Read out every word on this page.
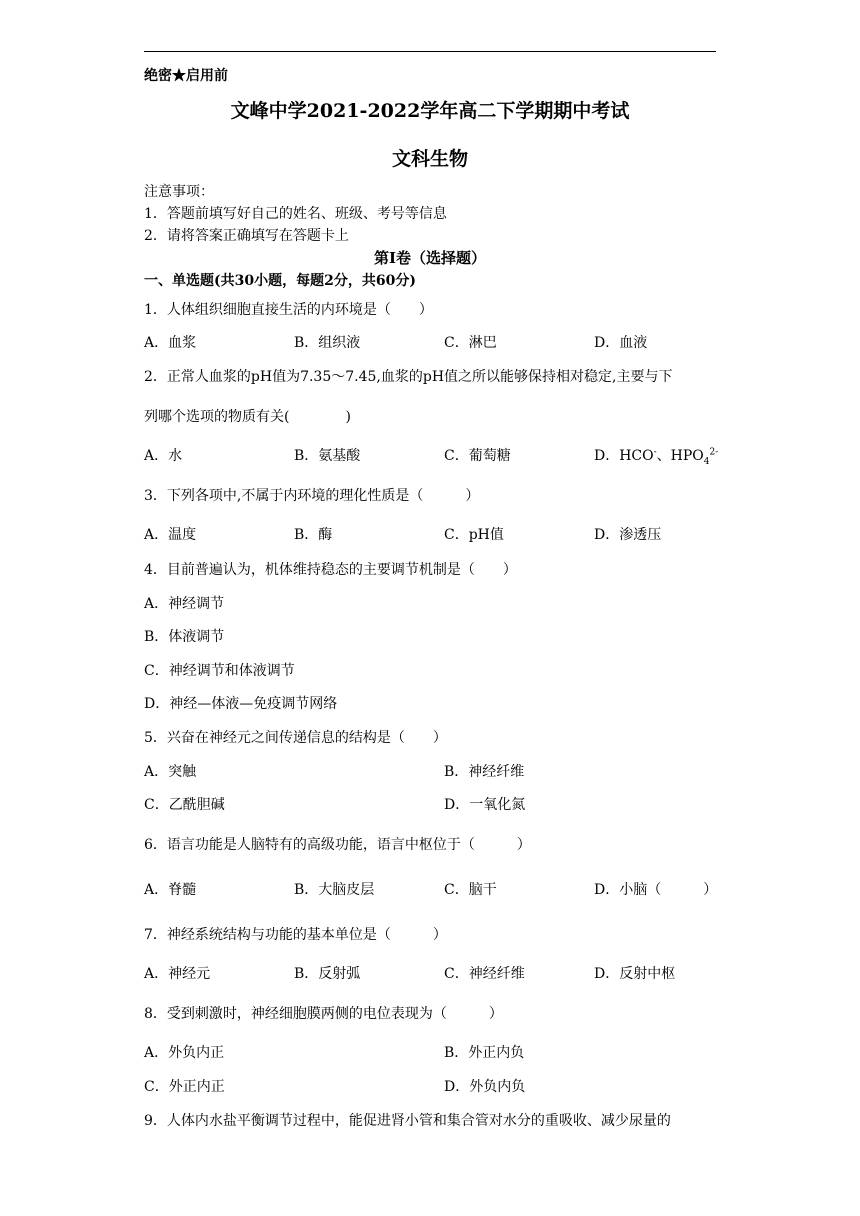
绝密★启用前
文峰中学2021-2022学年高二下学期期中考试
文科生物
注意事项：
1．答题前填写好自己的姓名、班级、考号等信息
2．请将答案正确填写在答题卡上
第I卷（选择题）
一、单选题(共30小题，每题2分，共60分)
1．人体组织细胞直接生活的内环境是（　　）
A．血浆	B．组织液	C．淋巴	D．血液
2．正常人血浆的pH值为7.35～7.45,血浆的pH值之所以能够保持相对稳定,主要与下
列哪个选项的物质有关(　　　　)
A．水	B．氨基酸	C．葡萄糖	D．HCO-、$HPO_4^{2-}$
3．下列各项中,不属于内环境的理化性质是（　　　）
A．温度	B．酶	C．pH值	D．渗透压
4．目前普遍认为，机体维持稳态的主要调节机制是（　　）
A．神经调节
B．体液调节
C．神经调节和体液调节
D．神经—体液—免疫调节网络
5．兴奋在神经元之间传递信息的结构是（　　）
A．突触	B．神经纤维
C．乙酰胆碱	D．一氧化氮
6．语言功能是人脑特有的高级功能，语言中枢位于（　　　）
A．脊髓	B．大脑皮层	C．脑干	D．小脑（　　　）
7．神经系统结构与功能的基本单位是（　　　）
A．神经元	B．反射弧	C．神经纤维	D．反射中枢
8．受到刺激时，神经细胞膜两侧的电位表现为（　　　）
A．外负内正	B．外正内负
C．外正内正	D．外负内负
9．人体内水盐平衡调节过程中，能促进肾小管和集合管对水分的重吸收、减少尿量的
